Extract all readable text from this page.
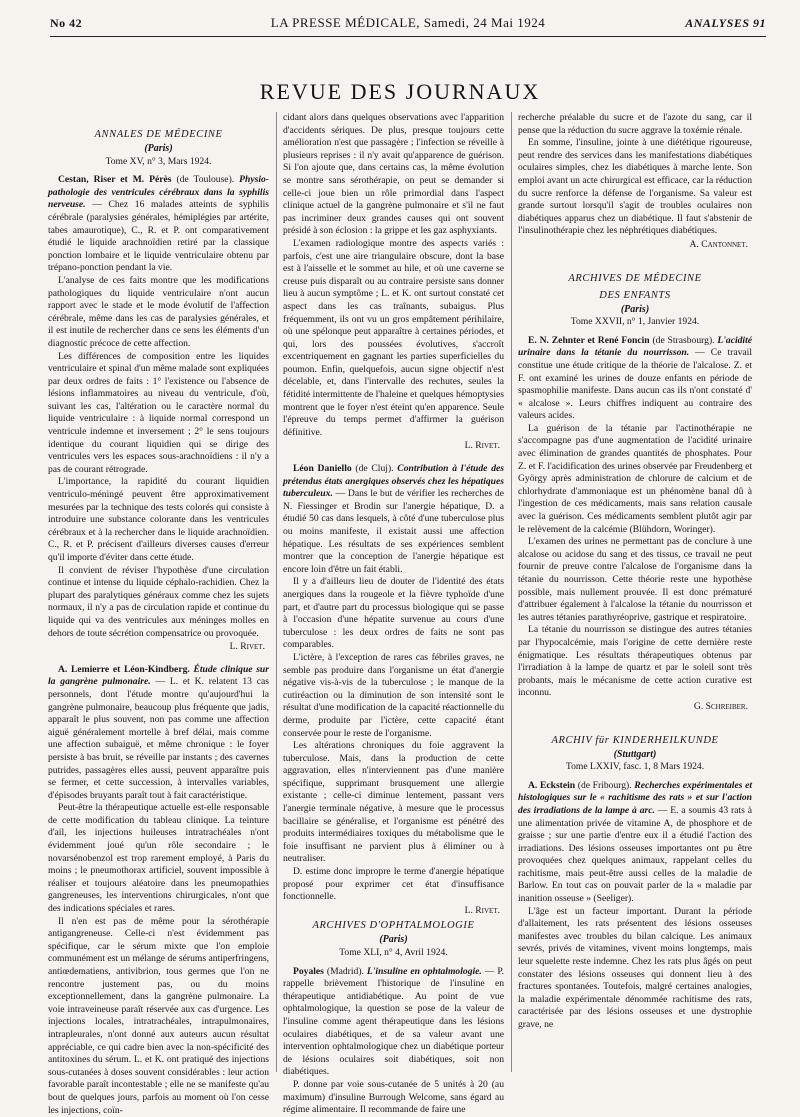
No 42	LA PRESSE MÉDICALE, Samedi, 24 Mai 1924	ANALYSES 91
REVUE DES JOURNAUX

ANNALES DE MÉDECINE

(Paris)

Tome XV, n° 3, Mars 1924.

Cestan, Riser et M. Pérès (de Toulouse). Physio-pathologie des ventricules cérébraux dans la syphilis nerveuse. — Chez 16 malades atteints de syphilis cérébrale (paralysies générales, hémiplégies par artérite, tabes amaurotique), C., R. et P. ont comparativement étudié le liquide arachnoïdien retiré par la classique ponction lombaire et le liquide ventriculaire obtenu par trépano-ponction pendant la vie.

L'analyse de ces faits montre que les modifications pathologiques du liquide ventriculaire n'ont aucun rapport avec le stade et le mode évolutif de l'affection cérébrale, même dans les cas de paralysies générales, et il est inutile de rechercher dans ce sens les éléments d'un diagnostic précoce de cette affection.

Les différences de composition entre les liquides ventriculaire et spinal d'un même malade sont expliquées par deux ordres de faits : 1° l'existence ou l'absence de lésions inflammatoires au niveau du ventricule, d'où, suivant les cas, l'altération ou le caractère normal du liquide ventriculaire : à liquide normal correspond un ventricule indemne et inversement ; 2° le sens toujours identique du courant liquidien qui se dirige des ventricules vers les espaces sous-arachnoïdiens : il n'y a pas de courant rétrograde.

L'importance, la rapidité du courant liquidien ventriculo-méningé peuvent être approximativement mesurées par la technique des tests colorés qui consiste à introduire une substance colorante dans les ventricules cérébraux et à la rechercher dans le liquide arachnoïdien. C., R. et P. précisent d'ailleurs diverses causes d'erreur qu'il importe d'éviter dans cette étude.

Il convient de réviser l'hypothèse d'une circulation continue et intense du liquide céphalo-rachidien. Chez la plupart des paralytiques généraux comme chez les sujets normaux, il n'y a pas de circulation rapide et continue du liquide qui va des ventricules aux méninges molles en dehors de toute sécrétion compensatrice ou provoquée.

L. Rivet.

A. Lemierre et Léon-Kindberg. Étude clinique sur la gangrène pulmonaire. — L. et K. relatent 13 cas personnels, dont l'étude montre qu'aujourd'hui la gangrène pulmonaire, beaucoup plus fréquente que jadis, apparaît le plus souvent, non pas comme une affection aiguë généralement mortelle à bref délai, mais comme une affection subaiguë, et même chronique : le foyer persiste à bas bruit, se réveille par instants ; des cavernes putrides, passagères elles aussi, peuvent apparaître puis se fermer, et cette succession, à intervalles variables, d'épisodes bruyants paraît tout à fait caractéristique.

Peut-être la thérapeutique actuelle est-elle responsable de cette modification du tableau clinique. La teinture d'ail, les injections huileuses intratrachéales n'ont évidemment joué qu'un rôle secondaire ; le novarsénobenzol est trop rarement employé, à Paris du moins ; le pneumothorax artificiel, souvent impossible à réaliser et toujours aléatoire dans les pneumopathies gangreneuses, les interventions chirurgicales, n'ont que des indications spéciales et rares.

Il n'en est pas de même pour la sérothérapie antigangreneuse. Celle-ci n'est évidemment pas spécifique, car le sérum mixte que l'on emploie communément est un mélange de sérums antiperfringens, antiœdematiens, antivibrion, tous germes que l'on ne rencontre justement pas, ou du moins exceptionnellement, dans la gangrène pulmonaire. La voie intraveineuse paraît réservée aux cas d'urgence. Les injections locales, intratrachéales, intrapulmonaires, intrapleurales, n'ont donné aux auteurs aucun résultat appréciable, ce qui cadre bien avec la non-spécificité des antitoxines du sérum. L. et K. ont pratiqué des injections sous-cutanées à doses souvent considérables : leur action favorable paraît incontestable ; elle ne se manifeste qu'au bout de quelques jours, parfois au moment où l'on cesse les injections, coïn-

cidant alors dans quelques observations avec l'apparition d'accidents sériques. De plus, presque toujours cette amélioration n'est que passagère ; l'infection se réveille à plusieurs reprises : il n'y avait qu'apparence de guérison. Si l'on ajoute que, dans certains cas, la même évolution se montre sans sérothérapie, on peut se demander si celle-ci joue bien un rôle primordial dans l'aspect clinique actuel de la gangrène pulmonaire et s'il ne faut pas incriminer deux grandes causes qui ont souvent présidé à son éclosion : la grippe et les gaz asphyxiants.

L'examen radiologique montre des aspects variés : parfois, c'est une aire triangulaire obscure, dont la base est à l'aisselle et le sommet au hile, et où une caverne se creuse puis disparaît ou au contraire persiste sans donner lieu à aucun symptôme ; L. et K. ont surtout constaté cet aspect dans les cas traînants, subaigus. Plus fréquemment, ils ont vu un gros empâtement périhilaire, où une spélonque peut apparaître à certaines périodes, et qui, lors des poussées évolutives, s'accroît excentriquement en gagnant les parties superficielles du poumon. Enfin, quelquefois, aucun signe objectif n'est décelable, et, dans l'intervalle des rechutes, seules la fétidité intermittente de l'haleine et quelques hémoptysies montrent que le foyer n'est éteint qu'en apparence. Seule l'épreuve du temps permet d'affirmer la guérison définitive.

L. Rivet.

Léon Daniello (de Cluj). Contribution à l'étude des prétendus états anergiques observés chez les hépatiques tuberculeux. — Dans le but de vérifier les recherches de N. Fiessinger et Brodin sur l'anergie hépatique, D. a étudié 50 cas dans lesquels, à côté d'une tuberculose plus ou moins manifeste, il existait aussi une affection hépatique. Les résultats de ses expériences semblent montrer que la conception de l'anergie hépatique est encore loin d'être un fait établi.

Il y a d'ailleurs lieu de douter de l'identité des états anergiques dans la rougeole et la fièvre typhoïde d'une part, et d'autre part du processus biologique qui se passe à l'occasion d'une hépatite survenue au cours d'une tuberculose : les deux ordres de faits ne sont pas comparables.

L'ictère, à l'exception de rares cas fébriles graves, ne semble pas produire dans l'organisme un état d'anergie négative vis-à-vis de la tuberculose ; le manque de la cutiréaction ou la diminution de son intensité sont le résultat d'une modification de la capacité réactionnelle du derme, produite par l'ictère, cette capacité étant conservée pour le reste de l'organisme.

Les altérations chroniques du foie aggravent la tuberculose. Mais, dans la production de cette aggravation, elles n'interviennent pas d'une manière spécifique, supprimant brusquement une allergie existante ; celle-ci diminue lentement, passant vers l'anergie terminale négative, à mesure que le processus bacillaire se généralise, et l'organisme est pénétré des produits intermédiaires toxiques du métabolisme que le foie insuffisant ne parvient plus à éliminer ou à neutraliser.

D. estime donc impropre le terme d'anergie hépatique proposé pour exprimer cet état d'insuffisance fonctionnelle.

L. Rivet.

ARCHIVES D'OPHTALMOLOGIE

(Paris)

Tome XLI, n° 4, Avril 1924.

Poyales (Madrid). L'insuline en ophtalmologie. — P. rappelle brièvement l'historique de l'insuline en thérapeutique antidiabétique. Au point de vue ophtalmologique, la question se pose de la valeur de l'insuline comme agent thérapeutique dans les lésions oculaires diabétiques, et de sa valeur avant une intervention ophtalmologique chez un diabétique porteur de lésions oculaires soit diabétiques, soit non diabétiques.

P. donne par voie sous-cutanée de 5 unités à 20 (au maximum) d'insuline Burrough Welcome, sans égard au régime alimentaire. Il recommande de faire une

recherche préalable du sucre et de l'azote du sang, car il pense que la réduction du sucre aggrave la toxémie rénale.

En somme, l'insuline, jointe à une diététique rigoureuse, peut rendre des services dans les manifestations diabétiques oculaires simples, chez les diabétiques à marche lente. Son emploi avant un acte chirurgical est efficace, car la réduction du sucre renforce la défense de l'organisme. Sa valeur est grande surtout lorsqu'il s'agit de troubles oculaires non diabétiques apparus chez un diabétique. Il faut s'abstenir de l'insulinothérapie chez les néphrétiques diabétiques.

A. Cantonnet.

ARCHIVES DE MÉDECINE

DES ENFANTS

(Paris)

Tome XXVII, n° 1, Janvier 1924.

E. N. Zehnter et René Foncin (de Strasbourg). L'acidité urinaire dans la tétanie du nourrisson. — Ce travail constitue une étude critique de la théorie de l'alcalose. Z. et F. ont examiné les urines de douze enfants en période de spasmophilie manifeste. Dans aucun cas ils n'ont constaté d' « alcalose ». Leurs chiffres indiquent au contraire des valeurs acides.

La guérison de la tétanie par l'actinothérapie ne s'accompagne pas d'une augmentation de l'acidité urinaire avec élimination de grandes quantités de phosphates. Pour Z. et F. l'acidification des urines observée par Freudenberg et György après administration de chlorure de calcium et de chlorhydrate d'ammoniaque est un phénomène banal dû à l'ingestion de ces médicaments, mais sans relation causale avec la guérison. Ces médicaments semblent plutôt agir par le relèvement de la calcémie (Blühdorn, Woringer).

L'examen des urines ne permettant pas de conclure à une alcalose ou acidose du sang et des tissus, ce travail ne peut fournir de preuve contre l'alcalose de l'organisme dans la tétanie du nourrisson. Cette théorie reste une hypothèse possible, mais nullement prouvée. Il est donc prématuré d'attribuer également à l'alcalose la tétanie du nourrisson et les autres tétanies parathyréoprive, gastrique et respiratoire.

La tétanie du nourrisson se distingue des autres tétanies par l'hypocalcémie, mais l'origine de cette dernière reste énigmatique. Les résultats thérapeutiques obtenus par l'irradiation à la lampe de quartz et par le soleil sont très probants, mais le mécanisme de cette action curative est inconnu.

G. Schreiber.

ARCHIV für KINDERHEILKUNDE

(Stuttgart)

Tome LXXIV, fasc. 1, 8 Mars 1924.

A. Eckstein (de Fribourg). Recherches expérimentales et histologiques sur le « rachitisme des rats » et sur l'action des irradiations de la lampe à arc. — E. a soumis 43 rats à une alimentation privée de vitamine A, de phosphore et de graisse ; sur une partie d'entre eux il a étudié l'action des irradiations. Des lésions osseuses importantes ont pu être provoquées chez quelques animaux, rappelant celles du rachitisme, mais peut-être aussi celles de la maladie de Barlow. En tout cas on pouvait parler de la « maladie par inanition osseuse » (Seeliger).

L'âge est un facteur important. Durant la période d'allaitement, les rats présentent des lésions osseuses manifestes avec troubles du bilan calcique. Les animaux sevrés, privés de vitamines, vivent moins longtemps, mais leur squelette reste indemne. Chez les rats plus âgés on peut constater des lésions osseuses qui donnent lieu à des fractures spontanées. Toutefois, malgré certaines analogies, la maladie expérimentale dénommée rachitisme des rats, caractérisée par des lésions osseuses et une dystrophie grave, ne
